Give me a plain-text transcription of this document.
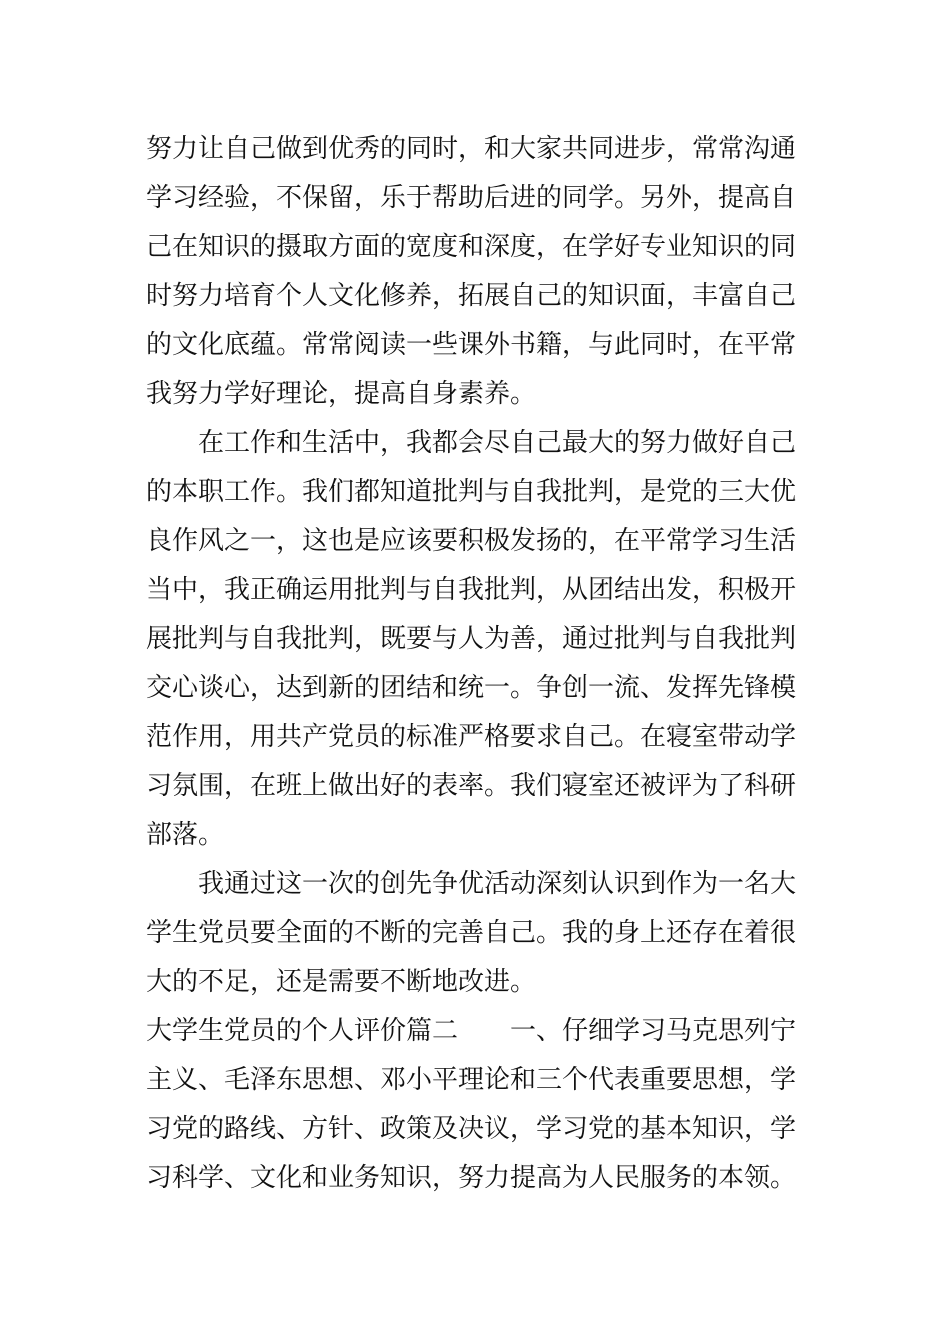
努力让自己做到优秀的同时，和大家共同进步，常常沟通
学习经验，不保留，乐于帮助后进的同学。另外，提高自
己在知识的摄取方面的宽度和深度，在学好专业知识的同
时努力培育个人文化修养，拓展自己的知识面，丰富自己
的文化底蕴。常常阅读一些课外书籍，与此同时，在平常
我努力学好理论，提高自身素养。
在工作和生活中，我都会尽自己最大的努力做好自己
的本职工作。我们都知道批判与自我批判，是党的三大优
良作风之一，这也是应该要积极发扬的，在平常学习生活
当中，我正确运用批判与自我批判，从团结出发，积极开
展批判与自我批判，既要与人为善，通过批判与自我批判
交心谈心，达到新的团结和统一。争创一流、发挥先锋模
范作用，用共产党员的标准严格要求自己。在寝室带动学
习氛围，在班上做出好的表率。我们寝室还被评为了科研
部落。
我通过这一次的创先争优活动深刻认识到作为一名大
学生党员要全面的不断的完善自己。我的身上还存在着很
大的不足，还是需要不断地改进。
大学生党员的个人评价篇二 一、仔细学习马克思列宁
主义、毛泽东思想、邓小平理论和三个代表重要思想，学
习党的路线、方针、政策及决议，学习党的基本知识，学
习科学、文化和业务知识，努力提高为人民服务的本领。
